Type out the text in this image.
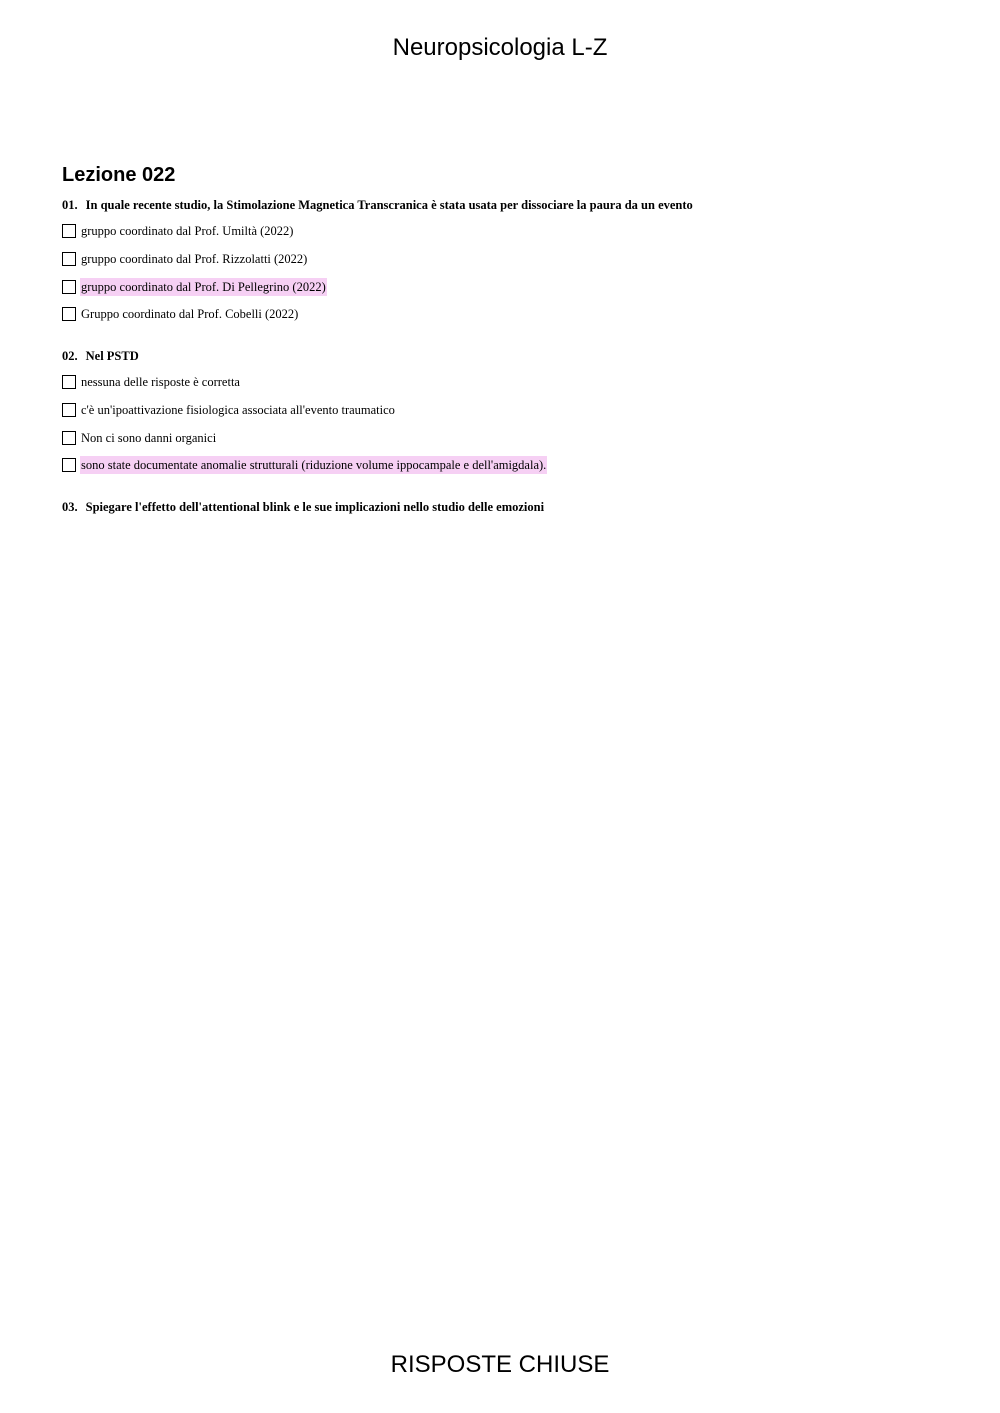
Neuropsicologia L-Z
Lezione 022
01. In quale recente studio, la Stimolazione Magnetica Transcranica è stata usata per dissociare la paura da un evento
gruppo coordinato dal Prof. Umiltà (2022)
gruppo coordinato dal Prof. Rizzolatti (2022)
gruppo coordinato dal Prof. Di Pellegrino (2022)
Gruppo coordinato dal Prof. Cobelli (2022)
02. Nel PSTD
nessuna delle risposte è corretta
c'è un'ipoattivazione fisiologica associata all'evento traumatico
Non ci sono danni organici
sono state documentate anomalie strutturali (riduzione volume ippocampale e dell'amigdala).
03. Spiegare l'effetto dell'attentional blink e le sue implicazioni nello studio delle emozioni
RISPOSTE CHIUSE
